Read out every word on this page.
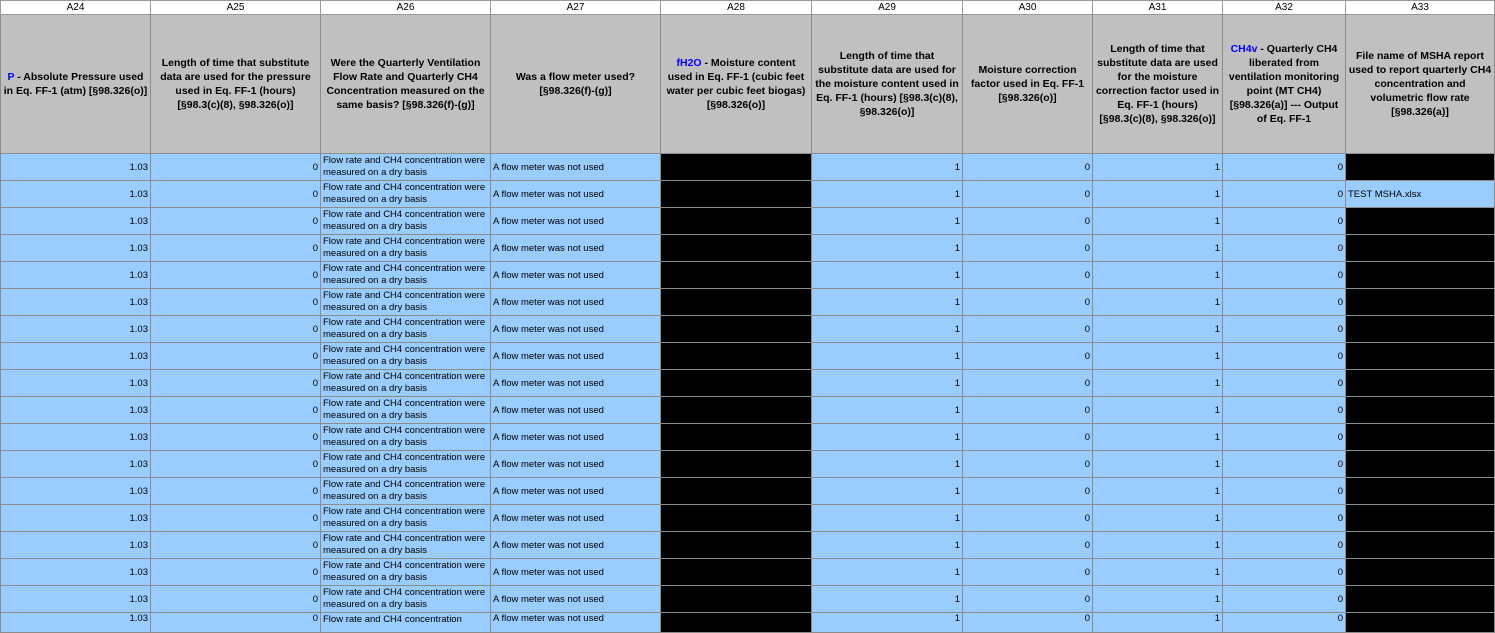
A24	A25	A26	A27	A28	A29	A30	A31	A32	A33
P - Absolute Pressure used in Eq. FF-1 (atm) [§98.326(o)]	Length of time that substitute data are used for the pressure used in Eq. FF-1 (hours) [§98.3(c)(8), §98.326(o)]	Were the Quarterly Ventilation Flow Rate and Quarterly CH4 Concentration measured on the same basis? [§98.326(f)-(g)]	Was a flow meter used? [§98.326(f)-(g)]	fH2O - Moisture content used in Eq. FF-1 (cubic feet water per cubic feet biogas) [§98.326(o)]	Length of time that substitute data are used for the moisture content used in Eq. FF-1 (hours) [§98.3(c)(8), §98.326(o)]	Moisture correction factor used in Eq. FF-1 [§98.326(o)]	Length of time that substitute data are used for the moisture correction factor used in Eq. FF-1 (hours) [§98.3(c)(8), §98.326(o)]	CH4v - Quarterly CH4 liberated from ventilation monitoring point (MT CH4) [§98.326(a)] --- Output of Eq. FF-1	File name of MSHA report used to report quarterly CH4 concentration and volumetric flow rate [§98.326(a)]
1.03	0	Flow rate and CH4 concentration were measured on a dry basis	A flow meter was not used		1	0	1	0	
1.03	0	Flow rate and CH4 concentration were measured on a dry basis	A flow meter was not used		1	0	1	0	TEST MSHA.xlsx
1.03	0	Flow rate and CH4 concentration were measured on a dry basis	A flow meter was not used		1	0	1	0	
1.03	0	Flow rate and CH4 concentration were measured on a dry basis	A flow meter was not used		1	0	1	0	
1.03	0	Flow rate and CH4 concentration were measured on a dry basis	A flow meter was not used		1	0	1	0	
1.03	0	Flow rate and CH4 concentration were measured on a dry basis	A flow meter was not used		1	0	1	0	
1.03	0	Flow rate and CH4 concentration were measured on a dry basis	A flow meter was not used		1	0	1	0	
1.03	0	Flow rate and CH4 concentration were measured on a dry basis	A flow meter was not used		1	0	1	0	
1.03	0	Flow rate and CH4 concentration were measured on a dry basis	A flow meter was not used		1	0	1	0	
1.03	0	Flow rate and CH4 concentration were measured on a dry basis	A flow meter was not used		1	0	1	0	
1.03	0	Flow rate and CH4 concentration were measured on a dry basis	A flow meter was not used		1	0	1	0	
1.03	0	Flow rate and CH4 concentration were measured on a dry basis	A flow meter was not used		1	0	1	0	
1.03	0	Flow rate and CH4 concentration were measured on a dry basis	A flow meter was not used		1	0	1	0	
1.03	0	Flow rate and CH4 concentration were measured on a dry basis	A flow meter was not used		1	0	1	0	
1.03	0	Flow rate and CH4 concentration were measured on a dry basis	A flow meter was not used		1	0	1	0	
1.03	0	Flow rate and CH4 concentration were measured on a dry basis	A flow meter was not used		1	0	1	0	
1.03	0	Flow rate and CH4 concentration were measured on a dry basis	A flow meter was not used		1	0	1	0	
1.03	0	Flow rate and CH4 concentration	A flow meter was not used		1	0	1	0	
